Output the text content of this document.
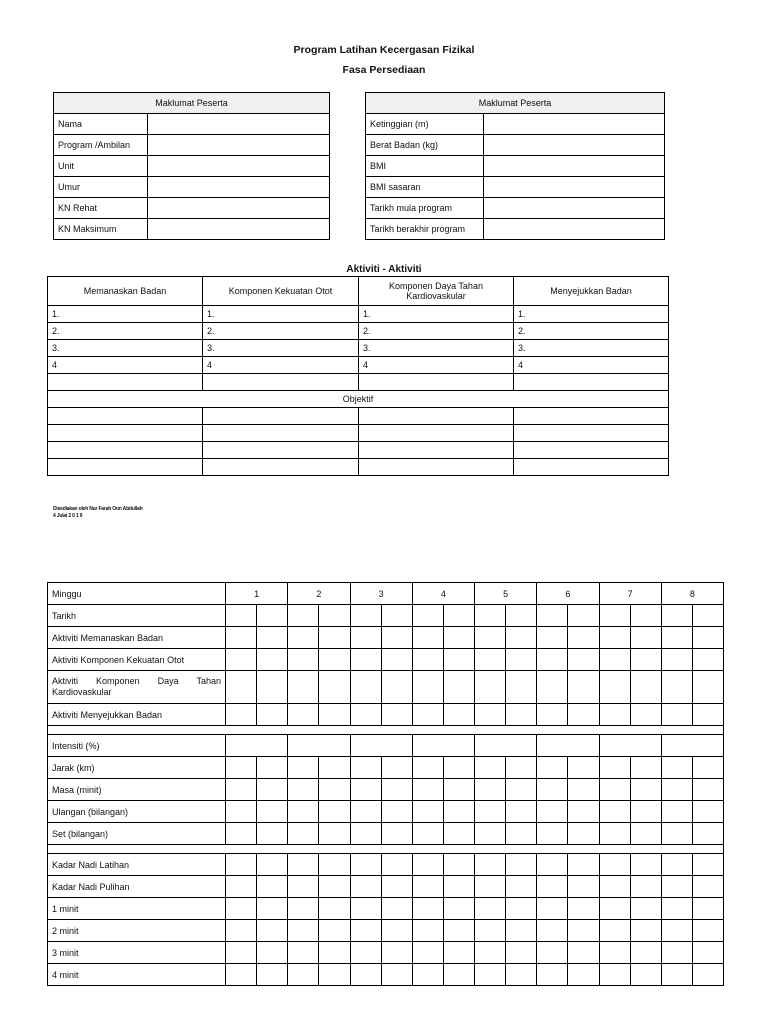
Program Latihan Kecergasan Fizikal
Fasa Persediaan
Maklumat Peserta	
Nama	
Program /Ambilan	
Unit	
Umur	
KN Rehat	
KN Maksimum	
Maklumat Peserta	
Ketinggian (m)	
Berat Badan (kg)	
BMI	
BMI sasaran	
Tarikh mula program	
Tarikh berakhir program	
Aktiviti - Aktiviti
Memanaskan Badan	Komponen Kekuatan Otot	Komponen Daya Tahan Kardiovaskular	Menyejukkan Badan
1.	1.	1.	1.
2.	2.	2.	2.
3.	3.	3.	3.
4	4	4	4

Objektif			

Disediakan oleh Nur Farah Oon Abdullah
4 Julai 2 0 1 9
Minggu	1		2		3		4		5		6		7		8	
Tarikh																
Aktiviti Memanaskan Badan																
Aktiviti Komponen Kekuatan Otot																
Aktiviti Komponen Daya Tahan Kardiovaskular																
Aktiviti Menyejukkan Badan																

Intensiti (%)																
Jarak (km)																
Masa (minit)																
Ulangan (bilangan)																
Set (bilangan)																

Kadar Nadi Latihan																
Kadar Nadi Pulihan																
1 minit																
2 minit																
3 minit																
4 minit																
